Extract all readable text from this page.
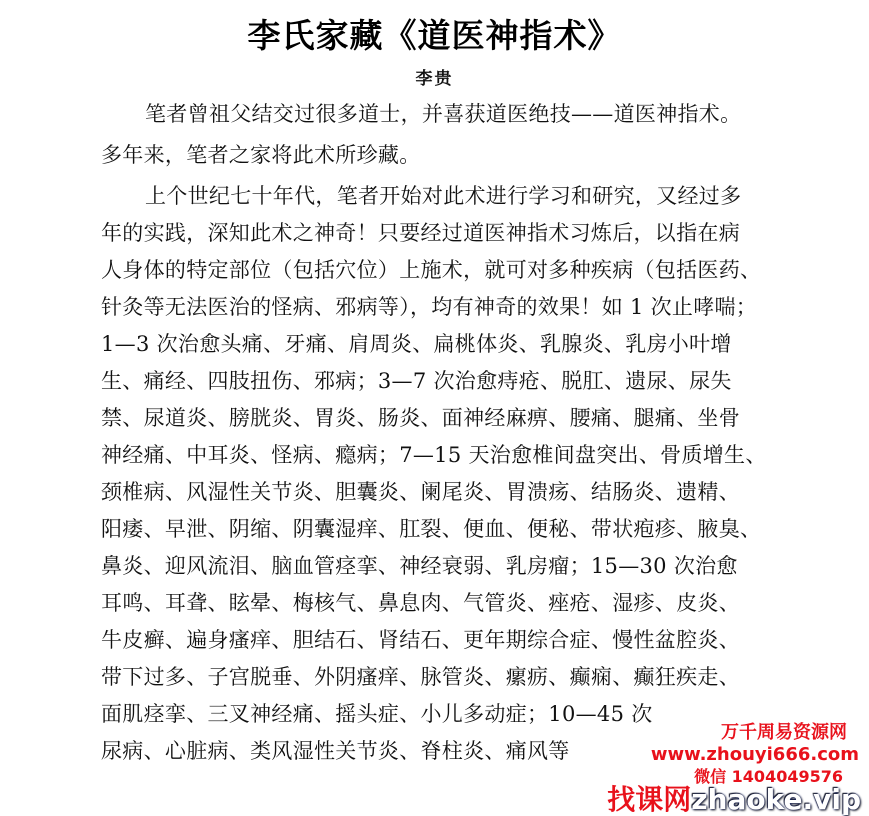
李氏家藏《道医神指术》
李贵
笔者曾祖父结交过很多道士，并喜获道医绝技——道医神指术。
多年来，笔者之家将此术所珍藏。
上个世纪七十年代，笔者开始对此术进行学习和研究，又经过多
年的实践，深知此术之神奇！只要经过道医神指术习炼后，以指在病
人身体的特定部位（包括穴位）上施术，就可对多种疾病（包括医药、
针灸等无法医治的怪病、邪病等），均有神奇的效果！如 1 次止哮喘；
1—3 次治愈头痛、牙痛、肩周炎、扁桃体炎、乳腺炎、乳房小叶增
生、痛经、四肢扭伤、邪病；3—7 次治愈痔疮、脱肛、遗尿、尿失
禁、尿道炎、膀胱炎、胃炎、肠炎、面神经麻痹、腰痛、腿痛、坐骨
神经痛、中耳炎、怪病、瘾病；7—15 天治愈椎间盘突出、骨质增生、
颈椎病、风湿性关节炎、胆囊炎、阑尾炎、胃溃疡、结肠炎、遗精、
阳痿、早泄、阴缩、阴囊湿痒、肛裂、便血、便秘、带状疱疹、腋臭、
鼻炎、迎风流泪、脑血管痉挛、神经衰弱、乳房瘤；15—30 次治愈
耳鸣、耳聋、眩晕、梅核气、鼻息肉、气管炎、痤疮、湿疹、皮炎、
牛皮癣、遍身瘙痒、胆结石、肾结石、更年期综合症、慢性盆腔炎、
带下过多、子宫脱垂、外阴瘙痒、脉管炎、瘰疬、癫痫、癫狂疾走、
面肌痉挛、三叉神经痛、摇头症、小儿多动症；10—45 次
尿病、心脏病、类风湿性关节炎、脊柱炎、痛风等
万千周易资源网
www.zhouyi666.com
微信 1404049576
找课网zhaoke.vip
